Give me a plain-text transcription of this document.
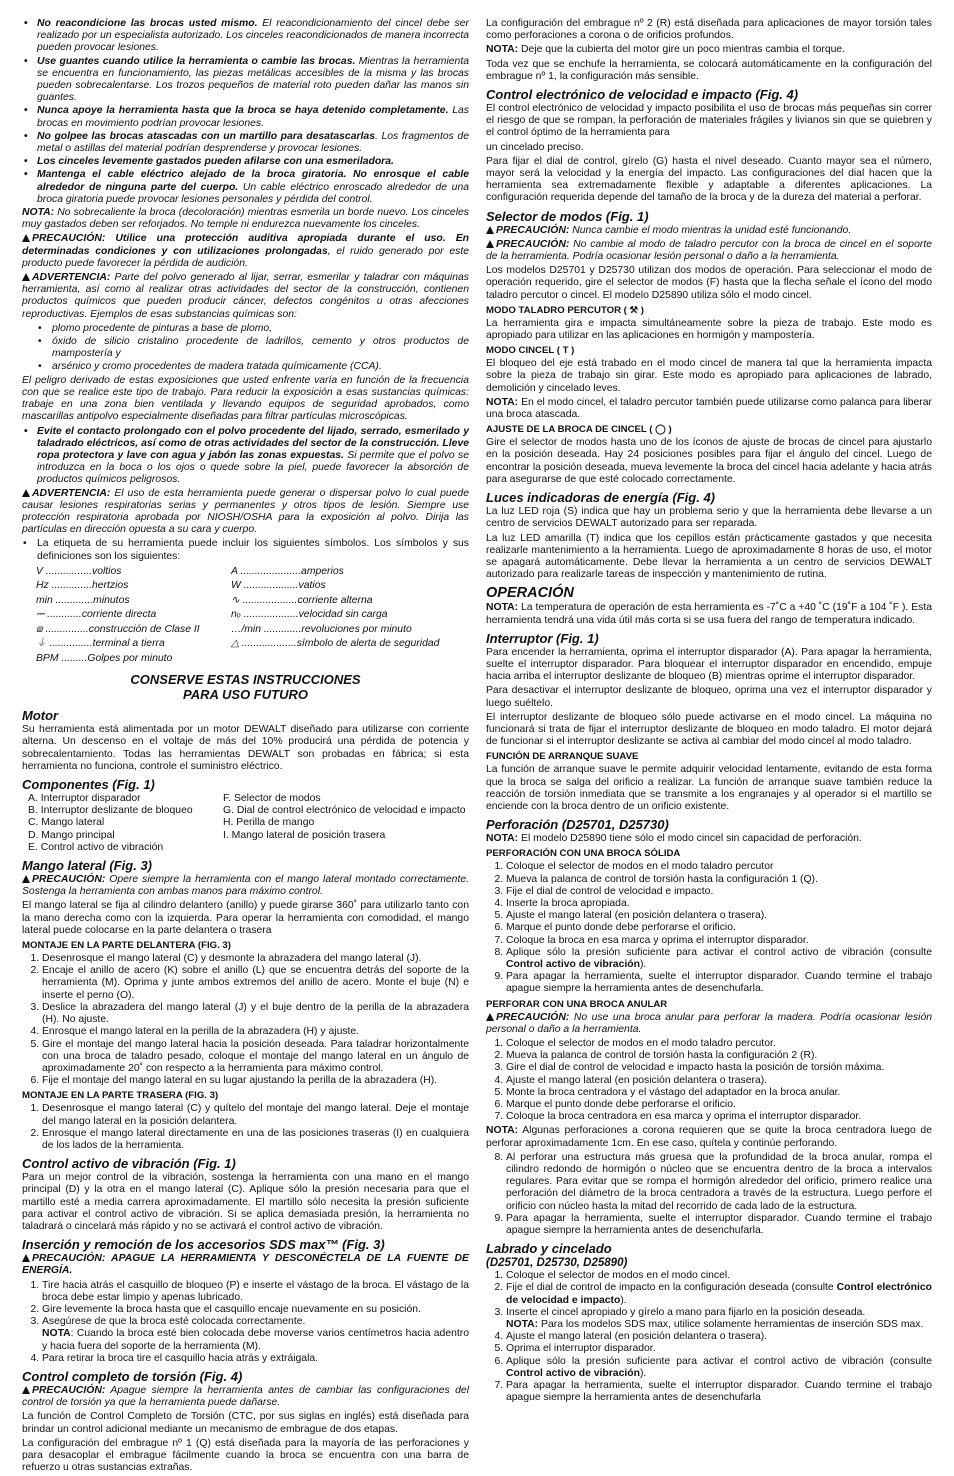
• No reacondicione las brocas usted mismo. El reacondicionamiento del cincel debe ser realizado por un especialista autorizado. Los cinceles reacondicionados de manera incorrecta pueden provocar lesiones.
• Use guantes cuando utilice la herramienta o cambie las brocas. Mientras la herramienta se encuentra en funcionamiento, las piezas metálicas accesibles de la misma y las brocas pueden sobrecalentarse. Los trozos pequeños de material roto pueden dañar las manos sin guantes.
• Nunca apoye la herramienta hasta que la broca se haya detenido completamente. Las brocas en movimiento podrían provocar lesiones.
• No golpee las brocas atascadas con un martillo para desatascarlas. Los fragmentos de metal o astillas del material podrían desprenderse y provocar lesiones.
• Los cinceles levemente gastados pueden afilarse con una esmeriladora.
• Mantenga el cable eléctrico alejado de la broca giratoria. No enrosque el cable alrededor de ninguna parte del cuerpo. Un cable eléctrico enroscado alrededor de una broca giratoria puede provocar lesiones personales y pérdida del control.

NOTA: No sobrecaliente la broca (decoloración) mientras esmerila un borde nuevo. Los cinceles muy gastados deben ser reforjados. No temple ni endurezca nuevamente los cinceles.

PRECAUCIÓN: Utilice una protección auditiva apropiada durante el uso. En determinadas condiciones y con utilizaciones prolongadas, el ruido generado por este producto puede favorecer la pérdida de audición.

ADVERTENCIA: Parte del polvo generado al lijar, serrar, esmerilar y taladrar con máquinas herramienta, así como al realizar otras actividades del sector de la construcción, contienen productos químicos que pueden producir cáncer, defectos congénitos u otras afecciones reproductivas. Ejemplos de esas substancias químicas son:

• plomo procedente de pinturas a base de plomo,
• óxido de silicio cristalino procedente de ladrillos, cemento y otros productos de mampostería y
• arsénico y cromo procedentes de madera tratada químicamente (CCA).

El peligro derivado de estas exposiciones que usted enfrente varía en función de la frecuencia con que se realice este tipo de trabajo. Para reducir la exposición a esas sustancias químicas: trabaje en una zona bien ventilada y llevando equipos de seguridad aprobados, como mascarillas antipolvo especialmente diseñadas para filtrar partículas microscópicas.

• Evite el contacto prolongado con el polvo procedente del lijado, serrado, esmerilado y taladrado eléctricos, así como de otras actividades del sector de la construcción. Lleve ropa protectora y lave con agua y jabón las zonas expuestas. Si permite que el polvo se introduzca en la boca o los ojos o quede sobre la piel, puede favorecer la absorción de productos químicos peligrosos.

ADVERTENCIA: El uso de esta herramienta puede generar o dispersar polvo lo cual puede causar lesiones respiratorias serias y permanentes y otros tipos de lesión. Siempre use protección respiratoria aprobada por NIOSH/OSHA para la exposición al polvo. Dirija las partículas en dirección opuesta a su cara y cuerpo.

• La etiqueta de su herramienta puede incluir los siguientes símbolos. Los símbolos y sus definiciones son los siguientes:
V ................voltios	A .....................amperios
Hz ..............hertzios	W ...................vatios
min .............minutos	∿ ...................corriente alterna
⎓ ............corriente directa	nₒ ...................velocidad sin carga
⧈ ...............construcción de Clase II	…/min .............revoluciones por minuto
⏚ ...............terminal a tierra	△ ...................símbolo de alerta de seguridad
BPM .........Golpes por minuto
CONSERVE ESTAS INSTRUCCIONES
PARA USO FUTURO
Motor

Su herramienta está alimentada por un motor DEWALT diseñado para utilizarse con corriente alterna. Un descenso en el voltaje de más del 10% producirá una pérdida de potencia y sobrecalentamiento. Todas las herramientas DEWALT son probadas en fábrica; si esta herramienta no funciona, controle el suministro eléctrico.

Componentes (Fig. 1)
A. Interruptor disparador	F. Selector de modos
B. Interruptor deslizante de bloqueo	G. Dial de control electrónico de velocidad e impacto
C. Mango lateral	H. Perilla de mango
D. Mango principal	I. Mango lateral de posición trasera
E. Control activo de vibración
Mango lateral (Fig. 3)

PRECAUCIÓN: Opere siempre la herramienta con el mango lateral montado correctamente. Sostenga la herramienta con ambas manos para máximo control.

El mango lateral se fija al cilindro delantero (anillo) y puede girarse 360˚ para utilizarlo tanto con la mano derecha como con la izquierda. Para operar la herramienta con comodidad, el mango lateral puede colocarse en la parte delantera o trasera

MONTAJE EN LA PARTE DELANTERA (FIG. 3)
1. Desenrosque el mango lateral (C) y desmonte la abrazadera del mango lateral (J).
2. Encaje el anillo de acero (K) sobre el anillo (L) que se encuentra detrás del soporte de la herramienta (M). Oprima y junte ambos extremos del anillo de acero. Monte el buje (N) e inserte el perno (O).
3. Deslice la abrazadera del mango lateral (J) y el buje dentro de la perilla de la abrazadera (H). No ajuste.
4. Enrosque el mango lateral en la perilla de la abrazadera (H) y ajuste.
5. Gire el montaje del mango lateral hacia la posición deseada. Para taladrar horizontalmente con una broca de taladro pesado, coloque el montaje del mango lateral en un ángulo de aproximadamente 20˚ con respecto a la herramienta para máximo control.
6. Fije el montaje del mango lateral en su lugar ajustando la perilla de la abrazadera (H).
MONTAJE EN LA PARTE TRASERA (FIG. 3)
1. Desenrosque el mango lateral (C) y quítelo del montaje del mango lateral. Deje el montaje del mango lateral en la posición delantera.
2. Enrosque el mango lateral directamente en una de las posiciones traseras (I) en cualquiera de los lados de la herramienta.
Control activo de vibración (Fig. 1)

Para un mejor control de la vibración, sostenga la herramienta con una mano en el mango principal (D) y la otra en el mango lateral (C). Aplique sólo la presión necesaria para que el martillo esté a media carrera aproximadamente. El martillo sólo necesita la presión suficiente para activar el control activo de vibración. Si se aplica demasiada presión, la herramienta no taladrará o cincelará más rápido y no se activará el control activo de vibración.

Inserción y remoción de los accesorios SDS max™ (Fig. 3)

PRECAUCIÓN: APAGUE LA HERRAMIENTA Y DESCONÉCTELA DE LA FUENTE DE ENERGÍA.

1. Tire hacia atrás el casquillo de bloqueo (P) e inserte el vástago de la broca. El vástago de la broca debe estar limpio y apenas lubricado.
2. Gire levemente la broca hasta que el casquillo encaje nuevamente en su posición.
3. Asegúrese de que la broca esté colocada correctamente.
NOTA: Cuando la broca esté bien colocada debe moverse varios centímetros hacia adentro y hacia fuera del soporte de la herramienta (M).
4. Para retirar la broca tire el casquillo hacia atrás y extráigala.
Control completo de torsión (Fig. 4)

PRECAUCIÓN: Apague siempre la herramienta antes de cambiar las configuraciones del control de torsión ya que la herramienta puede dañarse.

La función de Control Completo de Torsión (CTC, por sus siglas en inglés) está diseñada para brindar un control adicional mediante un mecanismo de embrague de dos etapas.

La configuración del embrague nº 1 (Q) está diseñada para la mayoría de las perforaciones y para desacoplar el embrague fácilmente cuando la broca se encuentra con una barra de refuerzo u otras sustancias extrañas.

La configuración del embrague nº 2 (R) está diseñada para aplicaciones de mayor torsión tales como perforaciones a corona o de orificios profundos.

NOTA: Deje que la cubierta del motor gire un poco mientras cambia el torque.

Toda vez que se enchufe la herramienta, se colocará automáticamente en la configuración del embrague nº 1, la configuración más sensible.

Control electrónico de velocidad e impacto (Fig. 4)

El control electrónico de velocidad y impacto posibilita el uso de brocas más pequeñas sin correr el riesgo de que se rompan, la perforación de materiales frágiles y livianos sin que se quiebren y el control óptimo de la herramienta para

un cincelado preciso.

Para fijar el dial de control, gírelo (G) hasta el nivel deseado. Cuanto mayor sea el número, mayor será la velocidad y la energía del impacto. Las configuraciones del dial hacen que la herramienta sea extremadamente flexible y adaptable a diferentes aplicaciones. La configuración requerida depende del tamaño de la broca y de la dureza del material a perforar.

Selector de modos (Fig. 1)

PRECAUCIÓN: Nunca cambie el modo mientras la unidad esté funcionando.

PRECAUCIÓN: No cambie al modo de taladro percutor con la broca de cincel en el soporte de la herramienta. Podría ocasionar lesión personal o daño a la herramienta.

Los modelos D25701 y D25730 utilizan dos modos de operación. Para seleccionar el modo de operación requerido, gire el selector de modos (F) hasta que la flecha señale el ícono del modo taladro percutor o cincel. El modelo D25890 utiliza sólo el modo cincel.

MODO TALADRO PERCUTOR ( ⚒ )

La herramienta gira e impacta simultáneamente sobre la pieza de trabajo. Este modo es apropiado para utilizar en las aplicaciones en hormigón y mampostería.

MODO CINCEL ( T )

El bloqueo del eje está trabado en el modo cincel de manera tal que la herramienta impacta sobre la pieza de trabajo sin girar. Este modo es apropiado para aplicaciones de labrado, demolición y cincelado leves.

NOTA: En el modo cincel, el taladro percutor también puede utilizarse como palanca para liberar una broca atascada.

AJUSTE DE LA BROCA DE CINCEL ( ◯ )

Gire el selector de modos hasta uno de los íconos de ajuste de brocas de cincel para ajustarlo en la posición deseada. Hay 24 posiciones posibles para fijar el ángulo del cincel. Luego de encontrar la posición deseada, mueva levemente la broca del cincel hacia adelante y hacia atrás para asegurarse de que esté colocado correctamente.

Luces indicadoras de energía (Fig. 4)

La luz LED roja (S) indica que hay un problema serio y que la herramienta debe llevarse a un centro de servicios DEWALT autorizado para ser reparada.

La luz LED amarilla (T) indica que los cepillos están prácticamente gastados y que necesita realizarle mantenimiento a la herramienta. Luego de aproximadamente 8 horas de uso, el motor se apagará automáticamente. Debe llevar la herramienta a un centro de servicios DEWALT autorizado para realizarle tareas de inspección y mantenimiento de rutina.

OPERACIÓN

NOTA: La temperatura de operación de esta herramienta es -7˚C a +40 ˚C (19˚F a 104 ˚F ). Esta herramienta tendrá una vida útil más corta si se usa fuera del rango de temperatura indicado.

Interruptor (Fig. 1)

Para encender la herramienta, oprima el interruptor disparador (A). Para apagar la herramienta, suelte el interruptor disparador. Para bloquear el interruptor disparador en encendido, empuje hacia arriba el interruptor deslizante de bloqueo (B) mientras oprime el interruptor disparador.

Para desactivar el interruptor deslizante de bloqueo, oprima una vez el interruptor disparador y luego suéltelo.

El interruptor deslizante de bloqueo sólo puede activarse en el modo cincel. La máquina no funcionará si trata de fijar el interruptor deslizante de bloqueo en modo taladro. El motor dejará de funcionar si el interruptor deslizante se activa al cambiar del modo cincel al modo taladro.

FUNCIÓN DE ARRANQUE SUAVE

La función de arranque suave le permite adquirir velocidad lentamente, evitando de esta forma que la broca se salga del orificio a realizar. La función de arranque suave también reduce la reacción de torsión inmediata que se transmite a los engranajes y al operador si el martillo se enciende con la broca dentro de un orificio existente.

Perforación (D25701, D25730)

NOTA: El modelo D25890 tiene sólo el modo cincel sin capacidad de perforación.

PERFORACIÓN CON UNA BROCA SÓLIDA
1. Coloque el selector de modos en el modo taladro percutor
2. Mueva la palanca de control de torsión hasta la configuración 1 (Q).
3. Fije el dial de control de velocidad e impacto.
4. Inserte la broca apropiada.
5. Ajuste el mango lateral (en posición delantera o trasera).
6. Marque el punto donde debe perforarse el orificio.
7. Coloque la broca en esa marca y oprima el interruptor disparador.
8. Aplique sólo la presión suficiente para activar el control activo de vibración (consulte Control activo de vibración).
9. Para apagar la herramienta, suelte el interruptor disparador. Cuando termine el trabajo apague siempre la herramienta antes de desenchufarla.
PERFORAR CON UNA BROCA ANULAR

PRECAUCIÓN: No use una broca anular para perforar la madera. Podría ocasionar lesión personal o daño a la herramienta.

1. Coloque el selector de modos en el modo taladro percutor.
2. Mueva la palanca de control de torsión hasta la configuración 2 (R).
3. Gire el dial de control de velocidad e impacto hasta la posición de torsión máxima.
4. Ajuste el mango lateral (en posición delantera o trasera).
5. Monte la broca centradora y el vástago del adaptador en la broca anular.
6. Marque el punto donde debe perforarse el orificio.
7. Coloque la broca centradora en esa marca y oprima el interruptor disparador.

NOTA: Algunas perforaciones a corona requieren que se quite la broca centradora luego de perforar aproximadamente 1cm. En ese caso, quítela y continúe perforando.

8. Al perforar una estructura más gruesa que la profundidad de la broca anular, rompa el cilindro redondo de hormigón o núcleo que se encuentra dentro de la broca a intervalos regulares. Para evitar que se rompa el hormigón alrededor del orificio, primero realice una perforación del diámetro de la broca centradora a través de la estructura. Luego perfore el orificio con núcleo hasta la mitad del recorrido de cada lado de la estructura.
9. Para apagar la herramienta, suelte el interruptor disparador. Cuando termine el trabajo apague siempre la herramienta antes de desenchufarla.
Labrado y cincelado
(D25701, D25730, D25890)
1. Coloque el selector de modos en el modo cincel.
2. Fije el dial de control de impacto en la configuración deseada (consulte Control electrónico de velocidad e impacto).
3. Inserte el cincel apropiado y gírelo a mano para fijarlo en la posición deseada.
NOTA: Para los modelos SDS max, utilice solamente herramientas de inserción SDS max.
4. Ajuste el mango lateral (en posición delantera o trasera).
5. Oprima el interruptor disparador.
6. Aplique sólo la presión suficiente para activar el control activo de vibración (consulte Control activo de vibración).
7. Para apagar la herramienta, suelte el interruptor disparador. Cuando termine el trabajo apague siempre la herramienta antes de desenchufarla
